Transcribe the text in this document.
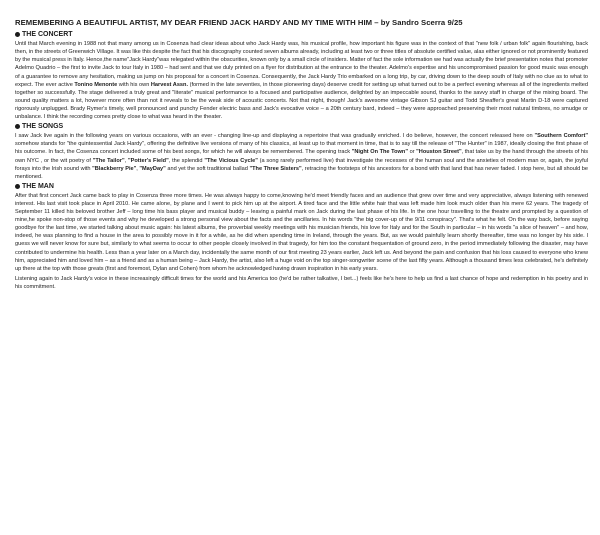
REMEMBERING A BEAUTIFUL ARTIST, MY DEAR FRIEND JACK HARDY AND MY TIME WITH HIM – by Sandro Scerra 9/25
THE CONCERT
Until that March evening in 1988 not that many among us in Cosenza had clear ideas about who Jack Hardy was, his musical profile, how important his figure was in the context of that "new folk / urban folk" again flourishing, back then, in the streets of Greenwich Village. It was like this despite the fact that his discography counted seven albums already, including at least two or three titles of absolute certified value, alas either ignored or not prominently featured by the musical press in Italy. Hence,the name"Jack Hardy"was relegated within the obscurities, known only by a small circle of insiders. Matter of fact the sole information we had was actually the brief presentation notes that promoter Adelmo Quadrio – the first to invite Jack to tour Italy in 1980 – had sent and that we duly printed on a flyer for distribution at the entrance to the theater. Adelmo's expertise and his uncompromised passion for good music was enough of a guarantee to remove any hesitation, making us jump on his proposal for a concert in Cosenza. Consequently, the Jack Hardy Trio embarked on a long trip, by car, driving down to the deep south of Italy with no clue as to what to expect. The ever active Tonino Menonte with his own Harvest Assn. (formed in the late seventies, in those pioneering days) deserve credit for setting up what turned out to be a perfect evening whereas all of the ingredients melted together so successfully. The stage delivered a truly great and "literate" musical performance to a focused and participative audience, delighted by an impeccable sound, thanks to the savvy staff in charge of the mixing board. The sound quality matters a lot, however more often than not it reveals to be the weak side of acoustic concerts. Not that night, though! Jack's awesome vintage Gibson SJ guitar and Todd Sheaffer's great Martin D-18 were captured rigorously unplugged. Brady Rymer's timely, well pronounced and punchy Fender electric bass and Jack's evocative voice – a 20th century bard, indeed – they were approached preserving their most natural timbres, no smudge or unbalance. I think the recording comes pretty close to what was heard in the theater.
THE SONGS
I saw Jack live again in the following years on various occasions, with an ever - changing line-up and displaying a repertoire that was gradually enriched. I do believe, however, the concert released here on "Southern Comfort" somehow stands for "the quintessential Jack Hardy", offering the definitive live versions of many of his classics, at least up to that moment in time, that is to say till the release of "The Hunter" in 1987, ideally closing the first phase of his outcome. In fact, the Cosenza concert included some of his best songs, for which he will always be remembered. The opening track "Night On The Town" or "Houston Street", that take us by the hand through the streets of his own NYC , or the wit poetry of "The Tailor", "Potter's Field", the splendid "The Vicious Cycle" (a song rarely performed live) that investigate the recesses of the human soul and the anxieties of modern man or, again, the joyful forays into the Irish sound with "Blackberry Pie", "MayDay" and yet the soft traditional ballad "The Three Sisters", retracing the footsteps of his ancestors for a bond with that land that has never faded. I stop here, but all should be mentioned.
THE MAN
After that first concert Jack came back to play in Cosenza three more times. He was always happy to come,knowing he'd meet friendly faces and an audience that grew over time and very appreciative, always listening with renewed interest. His last visit took place in April 2010. He came alone, by plane and I went to pick him up at the airport. A tired face and the little white hair that was left made him look much older than his mere 62 years. The tragedy of September 11 killed his beloved brother Jeff – long time his bass player and musical buddy – leaving a painful mark on Jack during the last phase of his life. In the one hour travelling to the theatre and prompted by a question of mine,he spoke non-stop of those events and why he developed a strong personal view about the facts and the ancillaries. In his words "the big cover-up of the 9/11 conspiracy". That's what he felt. On the way back, before saying goodbye for the last time, we started talking about music again: his latest albums, the proverbial weekly meetings with his musician friends, his love for Italy and for the South in particular – in his words "a slice of heaven" – and how, indeed, he was planning to find a house in the area to possibly move in it for a while, as he did when spending time in Ireland, through the years. But, as we would painfully learn shortly thereafter, time was no longer by his side. I guess we will never know for sure but, similarly to what seems to occur to other people closely involved in that tragedy, for him too the constant frequentation of ground zero, in the period immediately following the disaster, may have contributed to undermine his health. Less than a year later on a March day, incidentally the same month of our first meeting 23 years earlier, Jack left us. And beyond the pain and confusion that his loss caused to everyone who knew him, appreciated him and loved him – as a friend and as a human being – Jack Hardy, the artist, also left a huge void on the top singer-songwriter scene of the last fifty years. Although a thousand times less celebrated, he's definitely up there at the top with those greats (first and foremost, Dylan and Cohen) from whom he acknowledged having drawn inspiration in his early years.
Listening again to Jack Hardy's voice in these increasingly difficult times for the world and his America too (he'd be rather talkative, I bet...) feels like he's here to help us find a last chance of hope and redemption in his poetry and in his commitment.
